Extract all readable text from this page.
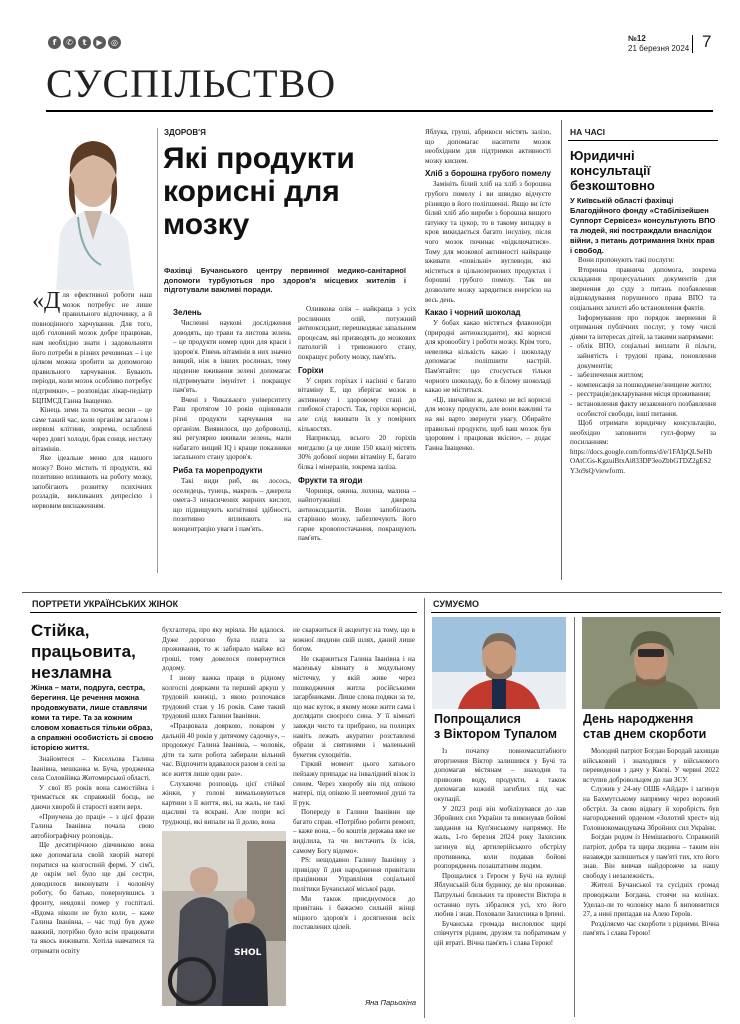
f	✆	t	▶	◎	№12
21 березня 2024 7
СУСПІЛЬСТВО
ЗДОРОВ'Я
Які продукти
корисні для
мозку

Фахівці Бучанського центру первинної медико-санітарної допомоги турбуються про здоров'я місцевих жителів і підготували важливі поради.

«Для ефективної роботи наш мозок потребує не лише правильного відпочинку, а й повноцінного харчування. Для того, щоб головний мозок добре працював, нам необхідно знати і задовольняти його потреби в різних речовинах – і це цілком можна зробити за допомогою правильного харчування. Бувають періоди, коли мозок особливо потребує підтримки», – розповідає лікар-педіатр БЦПМСД Ганна Іващенко.

Кінець зими та початок весни – це саме такий час, коли організм загалом і нервові клітини, зокрема, ослаблені через довгі холоди, брак сонця, нестачу вітамінів.

Яке ідеальне меню для нашого мозку? Воно містить ті продукти, які позитивно впливають на роботу мозку, запобігають розвитку психічних розладів, викликаних депресією і нервовим виснаженням.

Зелень

Численні наукові дослідження доводять, що трави та листова зелень – це продукти номер один для краси і здоров'я. Рівень вітамінів в них значно вищий, ніж в інших рослинах, тому щоденне вживання зелені допомагає підтримувати імунітет і покращує пам'ять.

Вчені з Чиказького університету Раш протягом 10 років оцінювали різні продукти харчування на організм. Виявилося, що доброволці, які регулярно вживали зелень, мали набагато вищий IQ і краще показники загального стану здоров'я.

Риба та морепродукти

Такі види риб, як лосось, оселедець, тунець, макрель – джерела омега-3 ненасичених жирних кислот, що підвищують когнітивні здібності, позитивно впливають на концентрацію уваги і пам'ять.

Оливкова олія – найкраща з усіх рослинних олій, потужний антиоксидант, перешкоджає запальним процесам, які призводять до мозкових патологій і тривожного стану, покращує роботу мозку, пам'ять.

Горіхи

У сирих горіхах і насінні є багато вітаміну Е, що зберігає мозок в активному і здоровому стані до глибокої старості. Так, горіхи корисні, але слід вживати їх у помірних кількостях.

Наприклад, всього 20 горіхів мигдалю (а це лише 150 ккал) містять 30% добової норми вітаміну Е, багато білка і мінералів, зокрема заліза.

Фрукти та ягоди

Чорниця, ожина, лохина, малина – найпотужніші джерела антиоксидантів. Вони запобігають старінню мозку, забезпечують його гарне кровопостачання, покращують пам'ять.

Яблука, груші, абрикоси містять залізо, що допомагає наситити мозок необхідним для підтримки активності мозку киснем.

Хліб з борошна грубого помелу

Замініть білий хліб на хліб з борошна грубого помелу і ви швидко відчуєте різницю в його поліпшенні. Якщо ви їсте білий хліб або вироби з борошна вищого ґатунку та цукор, то в такому випадку в кров викидається багато інсуліну, після чого мозок починає «відключатися». Тому для мозкової активності найкраще вживати «повільні» вуглеводи, які містяться в цільнозернових продуктах і борошні грубого помелу. Так ви дозволите мозку зарядитися енергією на весь день.

Какао і чорний шоколад

У бобах какао містяться флавоноїди (природні антиоксиданти), які корисні для кровообігу і роботи мозку. Крім того, невелика кількість какао і шоколаду допомагає поліпшити настрій. Пам'ятайте: що стосується тільки чорного шоколаду, бо в білому шоколаді какао не міститься.

«Ці, звичайно ж, далеко не всі корисні для мозку продукти, але вони важливі та на які варто звернути увагу. Обирайте правильні продукти, щоб ваш мозок був здоровим і працював якісно», – додає Ганна Іващенко.

НА ЧАСІ
Юридичні консультації безкоштовно

У Київській області фахівці Благодійного фонду «Стабілізейшен Суппорт Сервісез» консультують ВПО та людей, які постраждали внаслідок війни, з питань дотримання їхніх прав і свобод.

Вони пропонують такі послуги:

Вторинна правнича допомога, зокрема складання процесуальних документів для звернення до суду з питань позбавлення відшкодування порушеного права ВПО та соціальних захисті або встановлення фактів.

Інформування про порядок звернення й отримання публічних послуг, у тому числі діями та інтересах дітей, за такими напрямами:

- облік ВПО, соціальні виплати й пільги, зайнятість і трудові права, поновлення документів;
- забезпечення житлом;
- компенсація за пошкоджене/знищене житло;
- реєстрація/декларування місця проживання;
- встановлення факту незаконного позбавлення особистої свободи, інші питання.

Щоб отримати юридичну консультацію, необхідно заповнити гугл-форму за посиланням:

https://docs.google.com/forms/d/e/1FAIpQLSeHbOAtCGs-KgzuiBtxAi833DP3eoZbbGTDZ2gES2Y3o9sQ/viewform.

ПОРТРЕТИ УКРАЇНСЬКИХ ЖІНОК
Стійка,
працьовита,
незламна

Жінка – мати, подруга, сестра, берегиня. Це речення можна продовжувати, лише ставлячи коми та тире. Та за кожним словом ховається тільки образ, а справжні особистість зі своєю історією життя.

Знайомтеся – Кисельова Галина Іванівна, мешканка м. Буча, уродженка села Соловйівка Житомирської області.

У свої 85 років вона самостійна і тримається як справжній боєць, не даючи хворобі й старості взяти верх.

«Приучена до праці» – з цієї фрази Галина Іванівна почала свою автобіографічну розповідь.

Ще десятирічною дівчинкою вона вже допомагала своїй хворій матері поратися на колгоспній фермі. У сім'ї, де окрім неї було ще дві сестри, доводилося виконувати і чоловічу роботу, бо батько, повернувшись з фронту, невдовзі помер у госпіталі. «Вдома ніколи не було коли, – каже Галина Іванівна, – час тоді був дуже важкий, потрібно було всім працювати та якось виживати. Хотіла навчатися та отримати освіту

бухгалтера, про яку мріяла. Не вдалося. Дуже дорогою була плата за проживання, то ж забирало майже всі гроші, тому довелося повернутися додому.

І знову важка праця в рідному колгоспі доярками та перший аркуш у трудовій книжці, з якою розпочався трудовий стаж у 16 років. Саме такий трудовий шлях Галини Іванівни.

«Працювала дояркою, поваром у дальній 40 років у дитячому садочку», – продовжує Галина Іванівна, – чоловік, діти та хати робота забирали вільний час. Відпочити вдавалося разом в селі за все життя лише один раз».

Слухаючи розповідь цієї стійкої жінки, у голові вимальовуються картини з її життя, які, на жаль, не такі щасливі та яскраві. Але попри всі труднощі, які випали на її долю, вона

SHOL

не скаржиться й акцентує на тому, що в кожної людини свій шлях, даний лише богом.

Не скаржиться Галина Іванівна і на маленьку кімнату в модульному містечку, у якій живе через пошкодження житла російськими загарбниками. Лише слова подяки за те, що має куток, в якому може жити сама і доглядати своєрого сина. У її кімнаті завжди чисто та прибрано, на полицях навіть лежать акуратно розставлені образи зі святинями і маленький букетик сухоцвітів.

Гіркий момент цього хатнього пейзажу припадає на інвалідний візок із сином. Через хворобу він під опікою матері, під опікою її невтомної душі та її рук.

Попереду в Галини Іванівни ще багато справ. «Потрібно робити ремонт, – каже вона, – бо коштів держава вже не виділила, та чи вистачить їх ісія, самому Богу відомо».

РS: нещодавно Галину Іванівну з привідку її дня народження привітали працівники Управління соціальної політики Бучанської міської ради.

Ми також приєднуємося до привітань і бажаємо сильній жінці міцного здоров'я і досягнення всіх поставлених цілей.

Яна Парьохіна
СУМУЄМО
Попрощалися
з Віктором Тупалом

Із початку повномасштабного вторгнення Віктор залишився у Бучі та допомагав містянам – знаходив та привозив воду, продукти, а також допомагав кожній загиблих під час окупації.

У 2023 році він мобілізувався до лав Збройних сил України та виконував бойові завдання на Куп'янському напрямку. Не жаль, 1-го березня 2024 року Захисник загинув від артилерійського обстрілу противника, коли подавав бойові розпоряджень позаштатним людям.

Прощалися з Героєм у Бучі на вулиці Яблунській біля будинку, де він проживав. Патрульні близьких та провести Віктора в останню путь зібралися усі, хто його любив і знав. Поховали Захисника в Ірпені.

Бучанська громада висловлює щирі співчуття рідним, друзям та побратимам у цій втраті. Вічна пам'ять і слава Герою!

День народження
став днем скорботи

Молодий патріот Богдан Бородай захищав військовий і знаходився у військового переведення з дачу у Києві. У червні 2022 вступив добровольцем до лав ЗСУ.

Служив у 24-му ОШБ «Айдар» і загинув на Бахмутському напрямку через ворожий обстріл. За свою відвагу й хоробрість був нагороджений орденом «Золотий хрест» від Головнокомандувача Збройних сил України.

Богдан родом із Немішаєвого. Справжній патріот, добра та щира людина – таким він назавжди залишиться у пам'яті тих, хто його знав. Він вивчав найдорожче за нашу свободу і незалежність.

Жителі Бучанської та сусідніх громад проводжали Богдана, стоячи на колінах. Уделал-ли то чоловіку мало б виповнитися 27, а нині припадав на Алею Героїв.

Розділяємо час скорботи з рідними. Вічна пам'ять і слава Герою!
